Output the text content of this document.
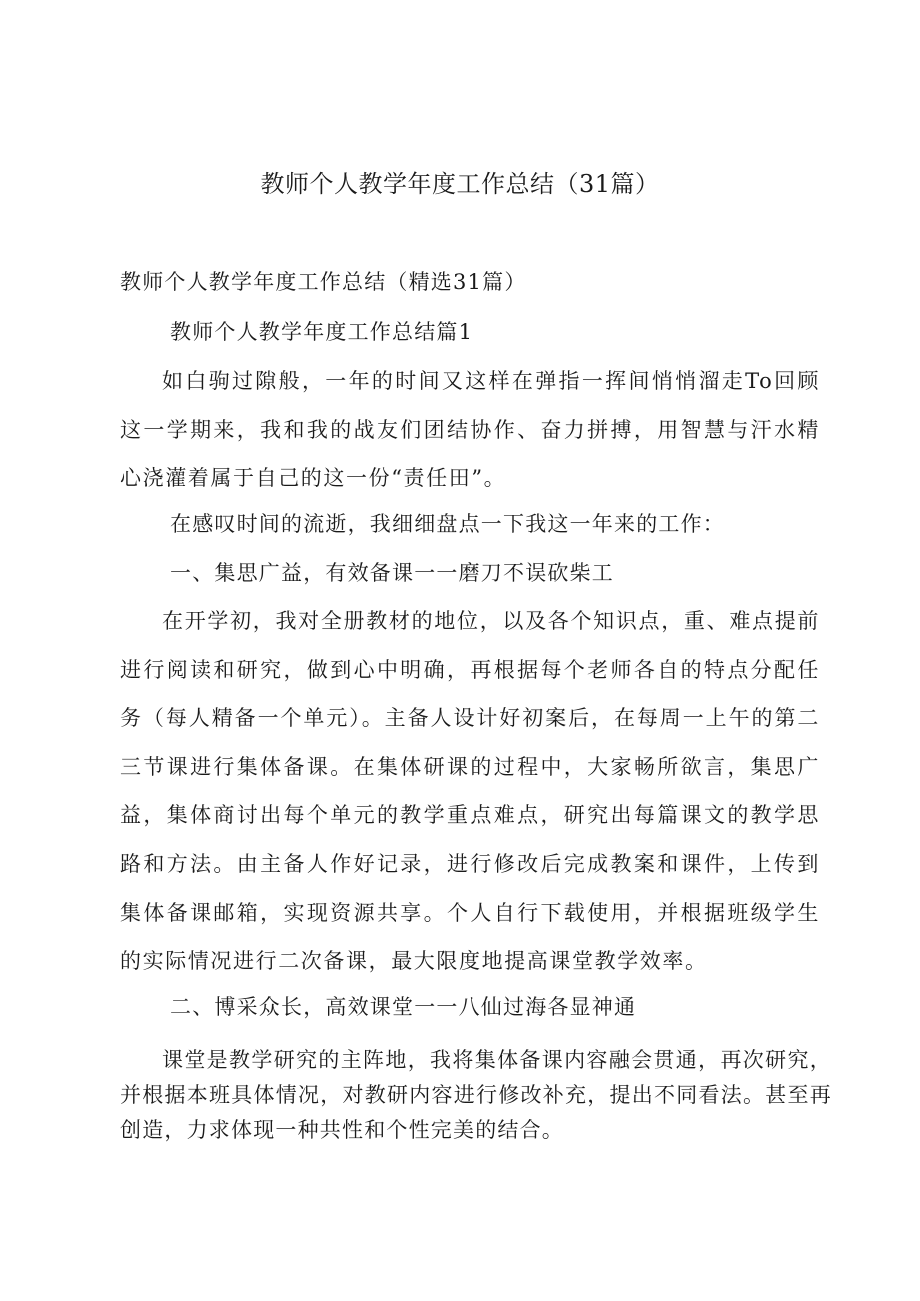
教师个人教学年度工作总结（31篇）
教师个人教学年度工作总结（精选31篇）
教师个人教学年度工作总结篇1

如白驹过隙般，一年的时间又这样在弹指一挥间悄悄溜走To回顾这一学期来，我和我的战友们团结协作、奋力拼搏，用智慧与汗水精心浇灌着属于自己的这一份“责任田”。

在感叹时间的流逝，我细细盘点一下我这一年来的工作：
一、集思广益，有效备课一一磨刀不误砍柴工

在开学初，我对全册教材的地位，以及各个知识点，重、难点提前进行阅读和研究，做到心中明确，再根据每个老师各自的特点分配任务（每人精备一个单元）。主备人设计好初案后，在每周一上午的第二三节课进行集体备课。在集体研课的过程中，大家畅所欲言，集思广益，集体商讨出每个单元的教学重点难点，研究出每篇课文的教学思路和方法。由主备人作好记录，进行修改后完成教案和课件，上传到集体备课邮箱，实现资源共享。个人自行下载使用，并根据班级学生的实际情况进行二次备课，最大限度地提高课堂教学效率。

二、博采众长，高效课堂一一八仙过海各显神通

课堂是教学研究的主阵地，我将集体备课内容融会贯通，再次研究，并根据本班具体情况，对教研内容进行修改补充，提出不同看法。甚至再创造，力求体现一种共性和个性完美的结合。
